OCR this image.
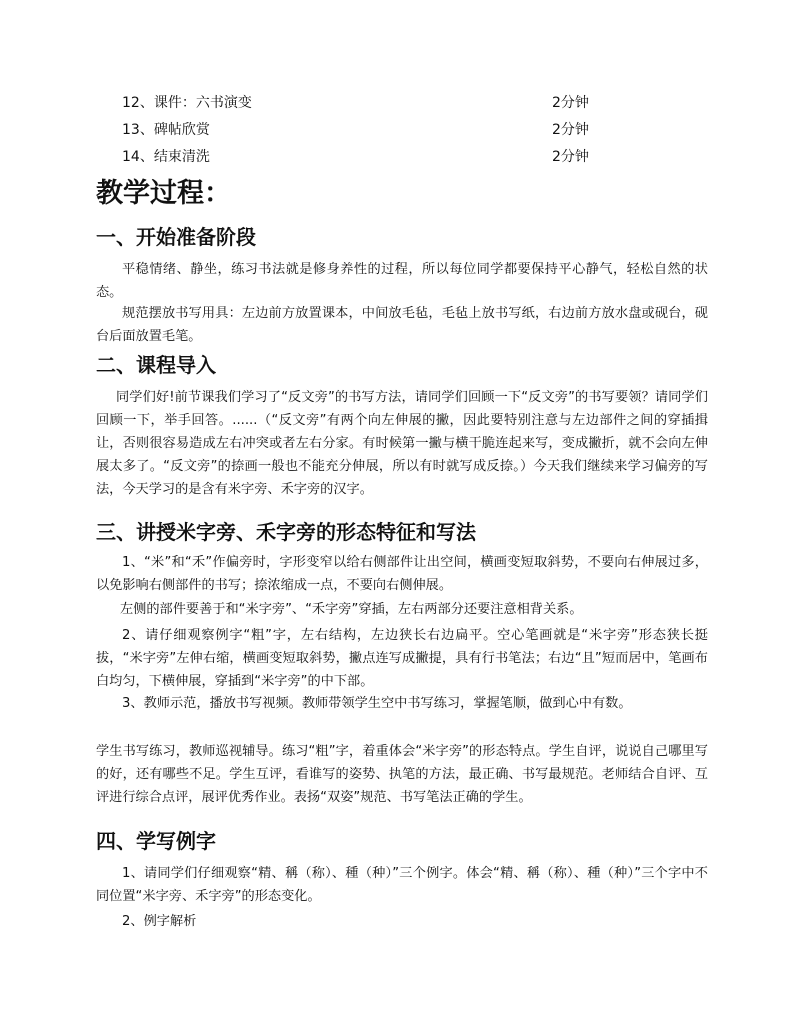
12、课件：六书演变	2分钟
13、碑帖欣赏	2分钟
14、结束清洗	2分钟
教学过程：
一、开始准备阶段

平稳情绪、静坐，练习书法就是修身养性的过程，所以每位同学都要保持平心静气，轻松自然的状态。

规范摆放书写用具：左边前方放置课本，中间放毛毡，毛毡上放书写纸，右边前方放水盘或砚台，砚台后面放置毛笔。

二、课程导入

同学们好!前节课我们学习了“反文旁”的书写方法，请同学们回顾一下“反文旁”的书写要领？请同学们回顾一下，举手回答。......（“反文旁”有两个向左伸展的撇，因此要特别注意与左边部件之间的穿插揖让，否则很容易造成左右冲突或者左右分家。有时候第一撇与横干脆连起来写，变成撇折，就不会向左伸展太多了。“反文旁”的捺画一般也不能充分伸展，所以有时就写成反捺。）今天我们继续来学习偏旁的写法，今天学习的是含有米字旁、禾字旁的汉字。

三、讲授米字旁、禾字旁的形态特征和写法

1、“米”和“禾”作偏旁时，字形变窄以给右侧部件让出空间，横画变短取斜势，不要向右伸展过多，以免影响右侧部件的书写；捺浓缩成一点，不要向右侧伸展。

左侧的部件要善于和“米字旁”、“禾字旁”穿插，左右两部分还要注意相背关系。

2、请仔细观察例字“粗”字，左右结构，左边狭长右边扁平。空心笔画就是“米字旁”形态狭长挺拔，“米字旁”左伸右缩，横画变短取斜势，撇点连写成撇提，具有行书笔法；右边“且”短而居中，笔画布白均匀，下横伸展，穿插到“米字旁”的中下部。

3、教师示范，播放书写视频。教师带领学生空中书写练习，掌握笔顺，做到心中有数。

学生书写练习，教师巡视辅导。练习“粗”字，着重体会“米字旁”的形态特点。学生自评，说说自己哪里写的好，还有哪些不足。学生互评，看谁写的姿势、执笔的方法，最正确、书写最规范。老师结合自评、互评进行综合点评，展评优秀作业。表扬“双姿”规范、书写笔法正确的学生。

四、学写例字

1、请同学们仔细观察“精、稱（称）、種（种）”三个例字。体会“精、稱（称）、種（种）”三个字中不同位置“米字旁、禾字旁”的形态变化。

2、例字解析
